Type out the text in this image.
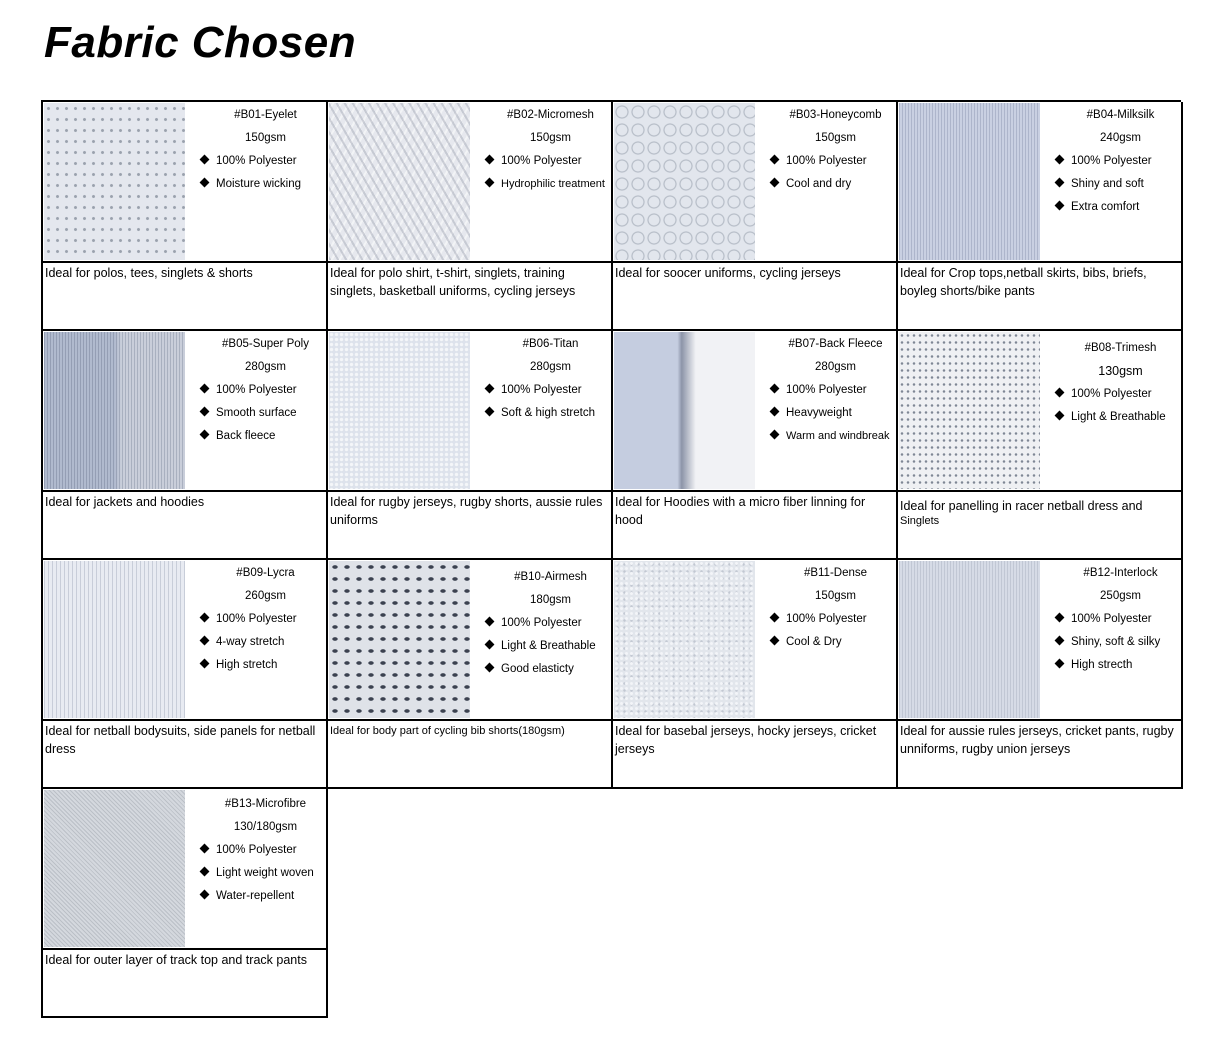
Fabric Chosen
#B01-Eyelet
150gsm
100% Polyester
Moisture wicking
Ideal for polos, tees, singlets & shorts
#B02-Micromesh
150gsm
100% Polyester
Hydrophilic treatment
Ideal for polo shirt, t-shirt, singlets, training singlets, basketball uniforms, cycling jerseys
#B03-Honeycomb
150gsm
100% Polyester
Cool and dry
Ideal for soocer uniforms, cycling jerseys
#B04-Milksilk
240gsm
100% Polyester
Shiny and soft
Extra comfort
Ideal for Crop tops,netball skirts, bibs, briefs, boyleg shorts/bike pants
#B05-Super Poly
280gsm
100% Polyester
Smooth surface
Back fleece
Ideal for jackets and hoodies
#B06-Titan
280gsm
100% Polyester
Soft & high stretch
Ideal for rugby jerseys, rugby shorts, aussie rules uniforms
#B07-Back Fleece
280gsm
100% Polyester
Heavyweight
Warm and windbreak
Ideal for Hoodies with a micro fiber linning for hood
#B08-Trimesh
130gsm
100% Polyester
Light & Breathable
Ideal for panelling in racer netball dress and
Singlets
#B09-Lycra
260gsm
100% Polyester
4-way stretch
High stretch
Ideal for netball bodysuits, side panels for netball dress
#B10-Airmesh
180gsm
100% Polyester
Light & Breathable
Good elasticty
Ideal for body part of cycling bib shorts(180gsm)
#B11-Dense
150gsm
100% Polyester
Cool & Dry
Ideal for basebal jerseys, hocky jerseys, cricket jerseys
#B12-Interlock
250gsm
100% Polyester
Shiny, soft & silky
High strecth
Ideal for aussie rules jerseys, cricket pants, rugby unniforms, rugby union jerseys
#B13-Microfibre
130/180gsm
100% Polyester
Light weight woven
Water-repellent
Ideal for outer layer of track top and track pants
